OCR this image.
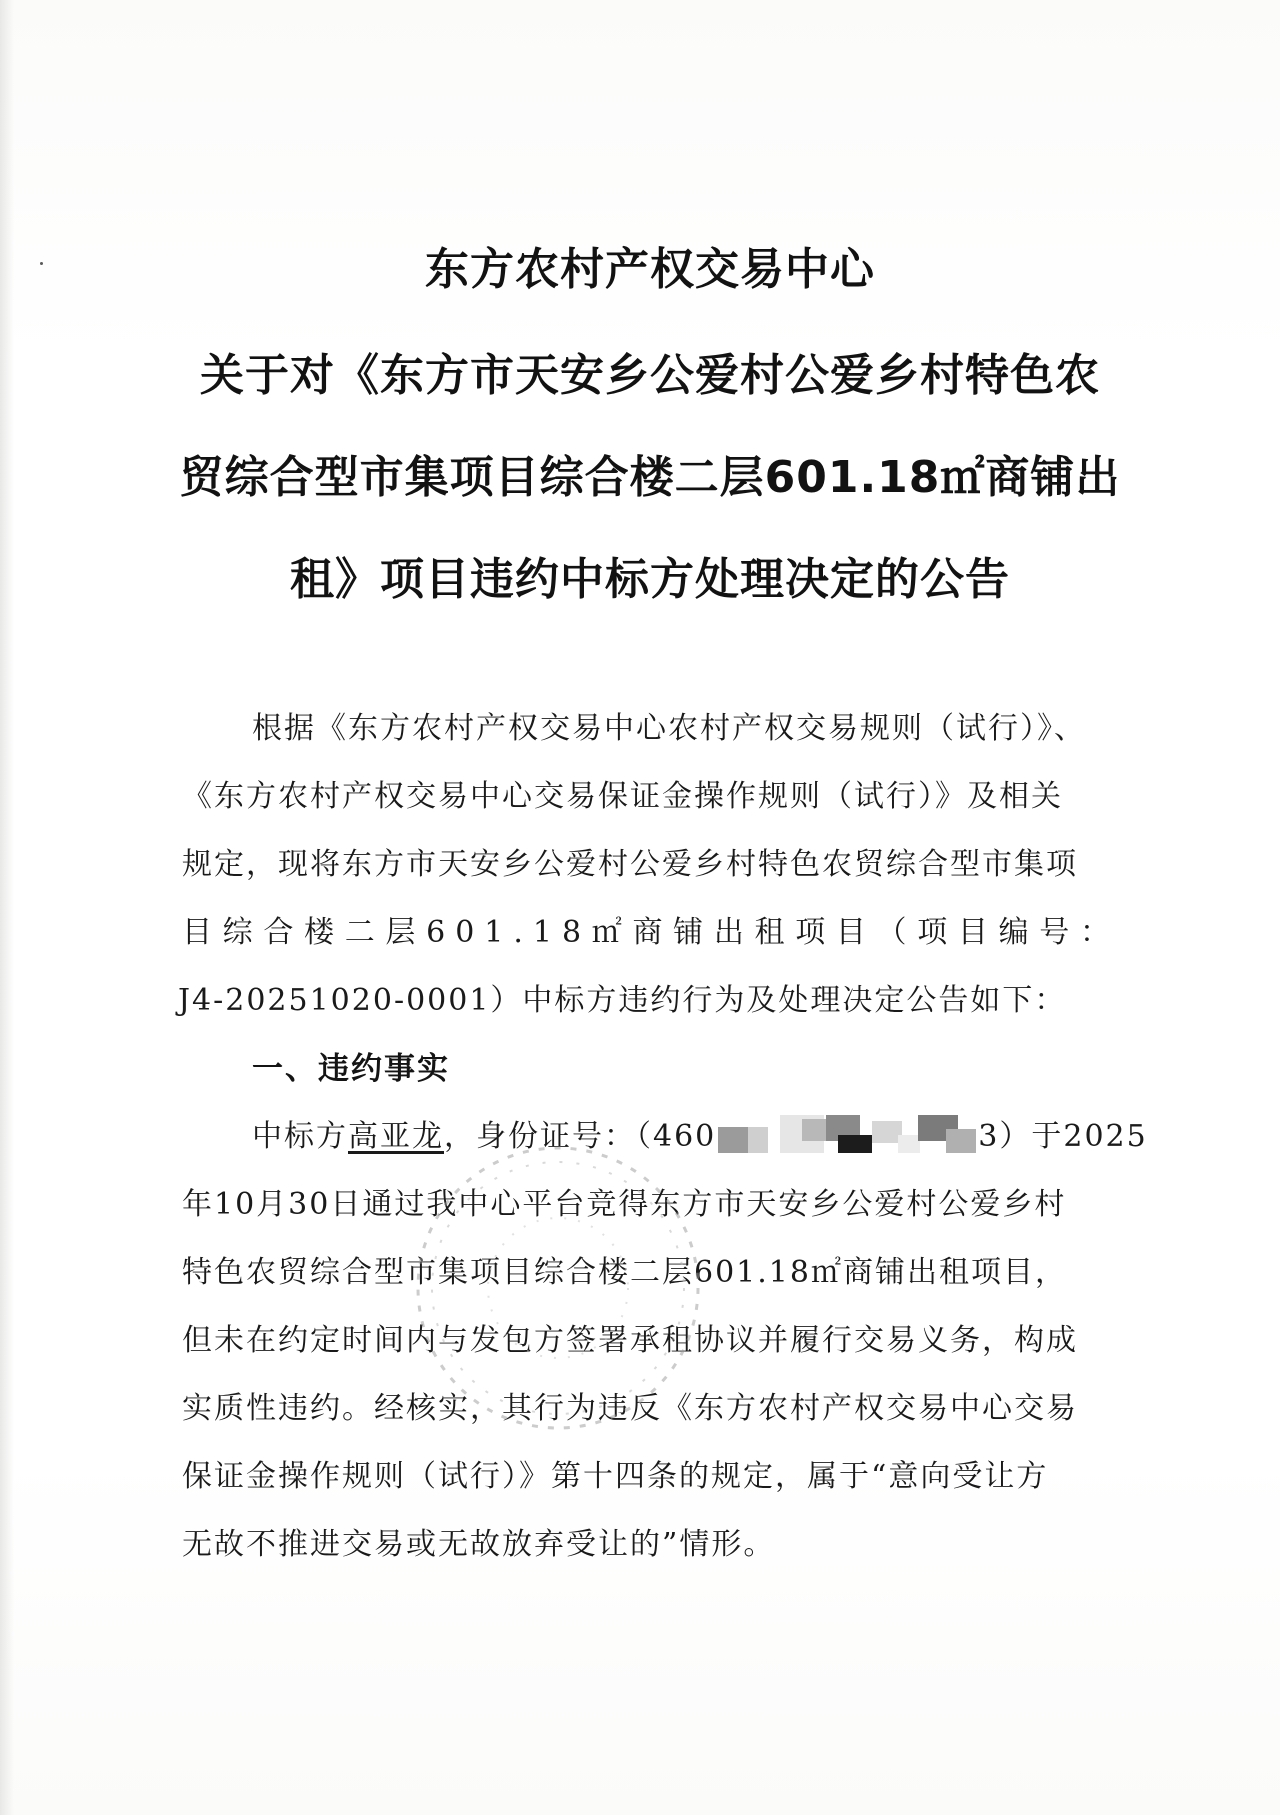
东方农村产权交易中心
关于对《东方市天安乡公爱村公爱乡村特色农
贸综合型市集项目综合楼二层601.18㎡商铺出
租》项目违约中标方处理决定的公告
根据《东方农村产权交易中心农村产权交易规则（试行）》、
《东方农村产权交易中心交易保证金操作规则（试行）》及相关
规定，现将东方市天安乡公爱村公爱乡村特色农贸综合型市集项
目综合楼二层601.18㎡商铺出租项目（项目编号：
J4-20251020-0001）中标方违约行为及处理决定公告如下：
一、违约事实
中标方高亚龙，身份证号：（460	3）于2025
年10月30日通过我中心平台竞得东方市天安乡公爱村公爱乡村
特色农贸综合型市集项目综合楼二层601.18㎡商铺出租项目，
但未在约定时间内与发包方签署承租协议并履行交易义务，构成
实质性违约。经核实，其行为违反《东方农村产权交易中心交易
保证金操作规则（试行）》第十四条的规定，属于“意向受让方
无故不推进交易或无故放弃受让的”情形。
